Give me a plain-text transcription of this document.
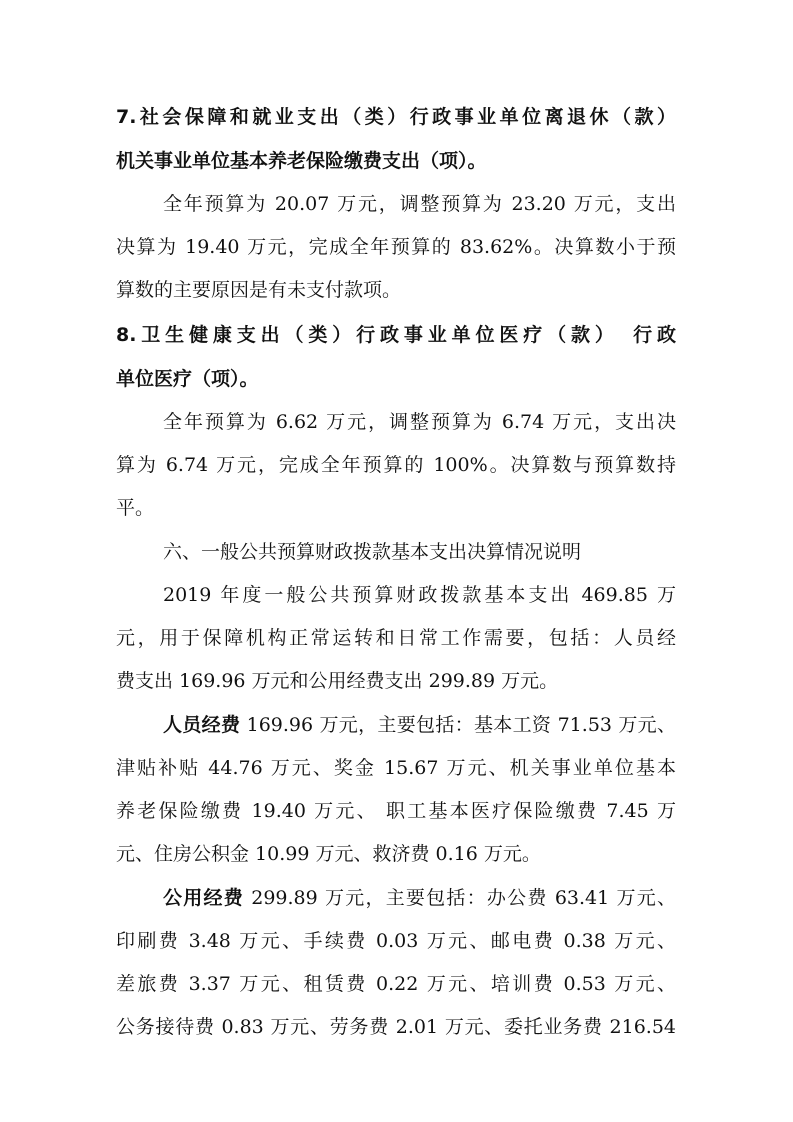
7.社会保障和就业支出（类）行政事业单位离退休（款）
机关事业单位基本养老保险缴费支出（项）。
全年预算为 20.07 万元，调整预算为 23.20 万元，支出
决算为 19.40 万元，完成全年预算的 83.62%。决算数小于预
算数的主要原因是有未支付款项。
8.卫生健康支出（类）行政事业单位医疗（款）　行政
单位医疗（项）。
全年预算为 6.62 万元，调整预算为 6.74 万元，支出决
算为 6.74 万元，完成全年预算的 100%。决算数与预算数持
平。
六、一般公共预算财政拨款基本支出决算情况说明
2019 年度一般公共预算财政拨款基本支出 469.85 万
元，用于保障机构正常运转和日常工作需要，包括：人员经
费支出 169.96 万元和公用经费支出 299.89 万元。
人员经费 169.96 万元，主要包括：基本工资 71.53 万元、
津贴补贴 44.76 万元、奖金 15.67 万元、机关事业单位基本
养老保险缴费 19.40 万元、 职工基本医疗保险缴费 7.45 万
元、住房公积金 10.99 万元、救济费 0.16 万元。
公用经费 299.89 万元，主要包括：办公费 63.41 万元、
印刷费 3.48 万元、手续费 0.03 万元、邮电费 0.38 万元、
差旅费 3.37 万元、租赁费 0.22 万元、培训费 0.53 万元、
公务接待费 0.83 万元、劳务费 2.01 万元、委托业务费 216.54
